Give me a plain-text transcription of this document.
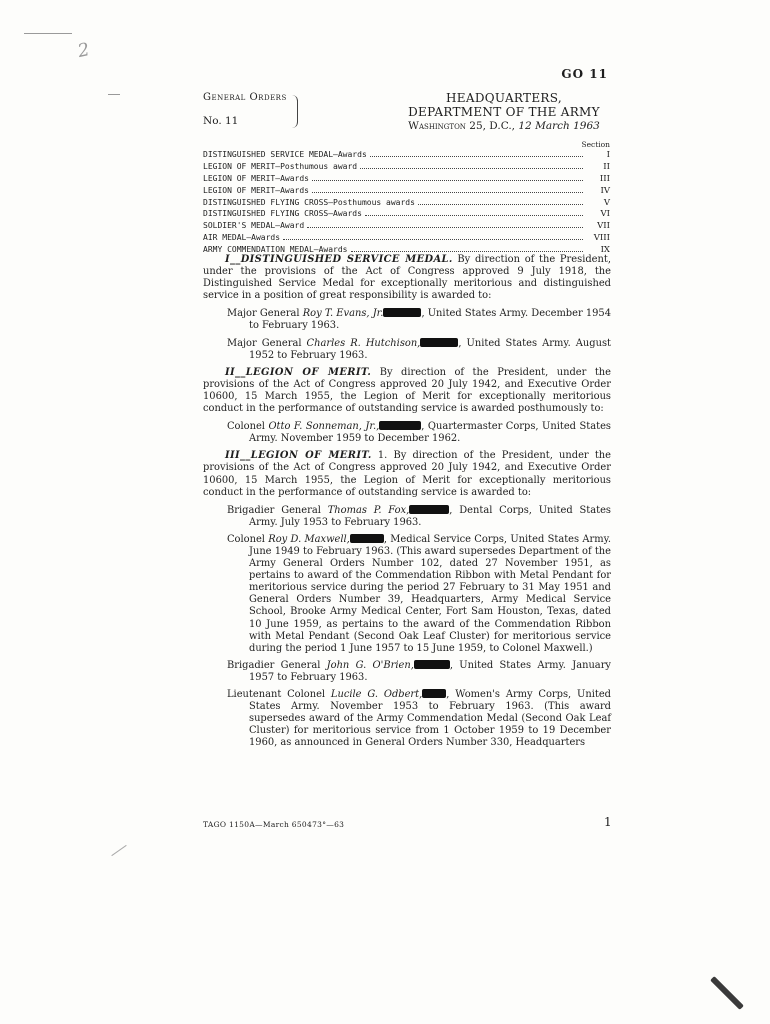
2
GO 11
General Orders
No. 11
HEADQUARTERS,
DEPARTMENT OF THE ARMY
Washington 25, D.C., 12 March 1963
Section
DISTINGUISHED SERVICE MEDAL—Awards	I
LEGION OF MERIT—Posthumous award	II
LEGION OF MERIT—Awards	III
LEGION OF MERIT—Awards	IV
DISTINGUISHED FLYING CROSS—Posthumous awards	V
DISTINGUISHED FLYING CROSS—Awards	VI
SOLDIER'S MEDAL—Award	VII
AIR MEDAL—Awards	VIII
ARMY COMMENDATION MEDAL—Awards	IX

I__DISTINGUISHED SERVICE MEDAL. By direction of the President, under the provisions of the Act of Congress approved 9 July 1918, the Distinguished Service Medal for exceptionally meritorious and distinguished service in a position of great responsibility is awarded to:

Major General Roy T. Evans, Jr.	, United States Army. December 1954 to February 1963.

Major General Charles R. Hutchison,	, United States Army. August 1952 to February 1963.

II__LEGION OF MERIT. By direction of the President, under the provisions of the Act of Congress approved 20 July 1942, and Executive Order 10600, 15 March 1955, the Legion of Merit for exceptionally meritorious conduct in the performance of outstanding service is awarded posthumously to:

Colonel Otto F. Sonneman, Jr.,	, Quartermaster Corps, United States Army. November 1959 to December 1962.

III__LEGION OF MERIT. 1. By direction of the President, under the provisions of the Act of Congress approved 20 July 1942, and Executive Order 10600, 15 March 1955, the Legion of Merit for exceptionally meritorious conduct in the performance of outstanding service is awarded to:

Brigadier General Thomas P. Fox,	, Dental Corps, United States Army. July 1953 to February 1963.

Colonel Roy D. Maxwell,	, Medical Service Corps, United States Army. June 1949 to February 1963. (This award supersedes Department of the Army General Orders Number 102, dated 27 November 1951, as pertains to award of the Commendation Ribbon with Metal Pendant for meritorious service during the period 27 February to 31 May 1951 and General Orders Number 39, Headquarters, Army Medical Service School, Brooke Army Medical Center, Fort Sam Houston, Texas, dated 10 June 1959, as pertains to the award of the Commendation Ribbon with Metal Pendant (Second Oak Leaf Cluster) for meritorious service during the period 1 June 1957 to 15 June 1959, to Colonel Maxwell.)

Brigadier General John G. O'Brien,	, United States Army. January 1957 to February 1963.

Lieutenant Colonel Lucile G. Odbert, , Women's Army Corps, United States Army. November 1953 to February 1963. (This award supersedes award of the Army Commendation Medal (Second Oak Leaf Cluster) for meritorious service from 1 October 1959 to 19 December 1960, as announced in General Orders Number 330, Headquarters

TAGO 1150A—March 650473°—63	1
